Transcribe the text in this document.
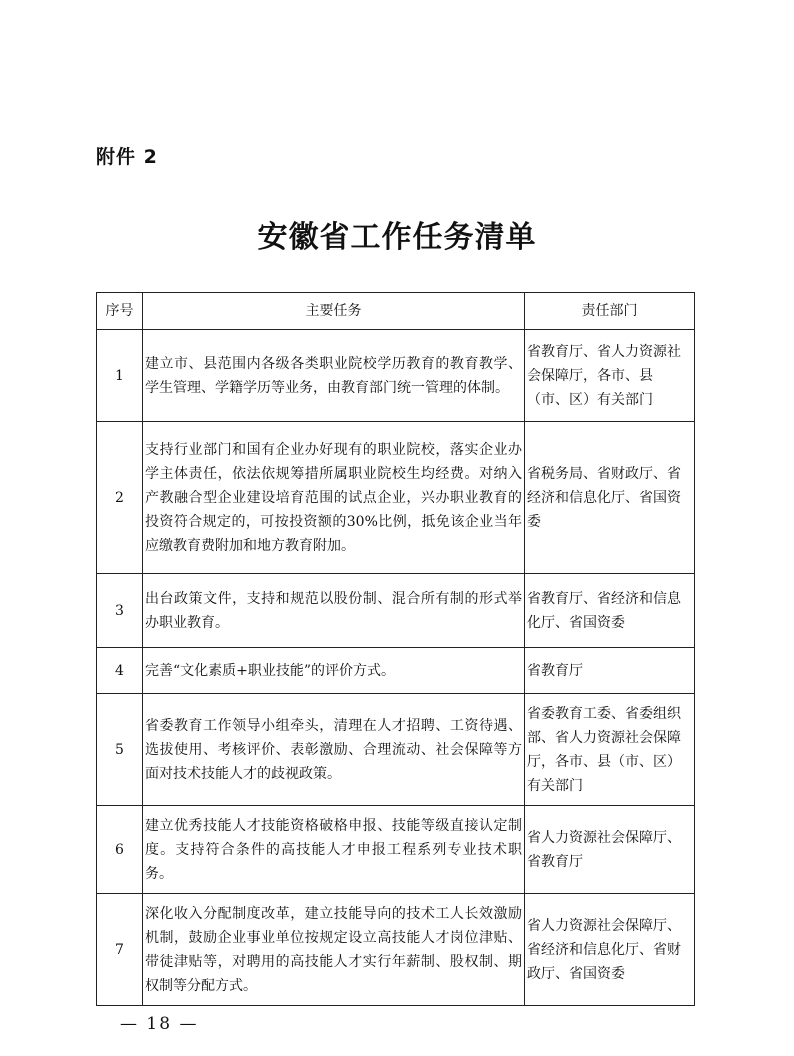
附件 2
安徽省工作任务清单
序号	主要任务	责任部门
1	建立市、县范围内各级各类职业院校学历教育的教育教学、学生管理、学籍学历等业务，由教育部门统一管理的体制。	省教育厅、省人力资源社会保障厅，各市、县（市、区）有关部门
2	支持行业部门和国有企业办好现有的职业院校，落实企业办学主体责任，依法依规筹措所属职业院校生均经费。对纳入产教融合型企业建设培育范围的试点企业，兴办职业教育的投资符合规定的，可按投资额的30%比例，抵免该企业当年应缴教育费附加和地方教育附加。	省税务局、省财政厅、省经济和信息化厅、省国资委
3	出台政策文件，支持和规范以股份制、混合所有制的形式举办职业教育。	省教育厅、省经济和信息化厅、省国资委
4	完善“文化素质+职业技能”的评价方式。	省教育厅
5	省委教育工作领导小组牵头，清理在人才招聘、工资待遇、选拔使用、考核评价、表彰激励、合理流动、社会保障等方面对技术技能人才的歧视政策。	省委教育工委、省委组织部、省人力资源社会保障厅，各市、县（市、区）有关部门
6	建立优秀技能人才技能资格破格申报、技能等级直接认定制度。支持符合条件的高技能人才申报工程系列专业技术职务。	省人力资源社会保障厅、省教育厅
7	深化收入分配制度改革，建立技能导向的技术工人长效激励机制，鼓励企业事业单位按规定设立高技能人才岗位津贴、带徒津贴等，对聘用的高技能人才实行年薪制、股权制、期权制等分配方式。	省人力资源社会保障厅、省经济和信息化厅、省财政厅、省国资委
— 18 —
